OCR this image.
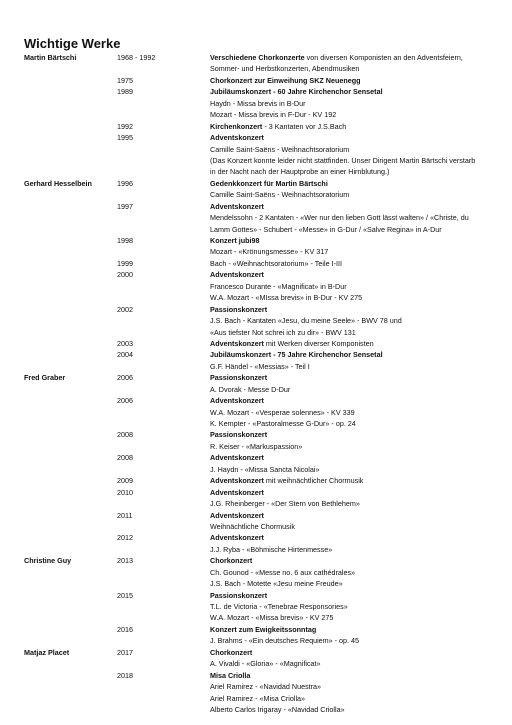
Wichtige Werke
Martin Bärtschi	1968 - 1992	Verschiedene Chorkonzerte von diversen Komponisten an den Adventsfeiern,
Sommer- und Herbstkonzerten, Abendmusiken
1975	Chorkonzert zur Einweihung SKZ Neuenegg
1989	Jubiläumskonzert - 60 Jahre Kirchenchor Sensetal
Haydn - Missa brevis in B-Dur
Mozart - Missa brevis in F-Dur - KV 192
1992	Kirchenkonzert - 3 Kantaten vor J.S.Bach
1995	Adventskonzert
Camille Saint-Saëns - Weihnachtsoratorium
(Das Konzert konnte leider nicht stattfinden. Unser Dirigent Martin Bärtschi verstarb
in der Nacht nach der Hauptprobe an einer Hirnblutung.)
Gerhard Hesselbein	1996	Gedenkkonzert für Martin Bärtschi
Camille Saint-Saëns - Weihnachtsoratorium
1997	Adventskonzert
Mendelssohn - 2 Kantaten - «Wer nur den lieben Gott lässt walten» / «Christe, du
Lamm Gottes» - Schubert - «Messe» in G-Dur / «Salve Regina» in A-Dur
1998	Konzert jubi98
Mozart - «Krönungsmesse» - KV 317
1999	Bach - «Weihnachtsoratorium» - Teile I-III
2000	Adventskonzert
Francesco Durante - «Magnificat» in B-Dur
W.A. Mozart - «MIssa brevis» in B-Dur - KV 275
2002	Passionskonzert
J.S. Bach - Kantaten «Jesu, du meine Seele» - BWV 78 und
«Aus tiefster Not schrei ich zu dir» - BWV 131
2003	Adventskonzert mit Werken diverser Komponisten
2004	Jubiläumskonzert - 75 Jahre Kirchenchor Sensetal
G.F. Händel - «Messias» - Teil I
Fred Graber	2006	Passionskonzert
A. Dvorak - Messe D-Dur
2006	Adventskonzert
W.A. Mozart - «Vesperae solennes» - KV 339
K. Kempter - «Pastoralmesse G-Dur» - op. 24
2008	Passionskonzert
R. Keiser - «Markuspassion»
2008	Adventskonzert
J. Haydn - «Missa Sancta Nicolai»
2009	Adventskonzert mit weihnächtlicher Chormusik
2010	Adventskonzert
J.G. Rheinberger - «Der Stern von Bethlehem»
2011	Adventskonzert
Weihnächtliche Chormusik
2012	Adventskonzert
J.J. Ryba - «Böhmische Hirtenmesse»
Christine Guy	2013	Chorkonzert
Ch. Gounod - «Messe no. 6 aux cathédrales»
J.S. Bach - Motette «Jesu meine Freude»
2015	Passionskonzert
T.L. de Victoria - «Tenebrae Responsories»
W.A. Mozart - «Missa brevis» - KV 275
2016	Konzert zum Ewigkeitssonntag
J. Brahms - «Ein deutsches Requiem» - op. 45
Matjaz Placet	2017	Chorkonzert
A. Vivaldi - «Gloria» - «Magnificat»
2018	Misa Criolla
Ariel Ramirez - «Navidad Nuestra»
Ariel Ramirez - «Misa Criolla»
Alberto Carlos Irigaray - «Navidad Criolla»
